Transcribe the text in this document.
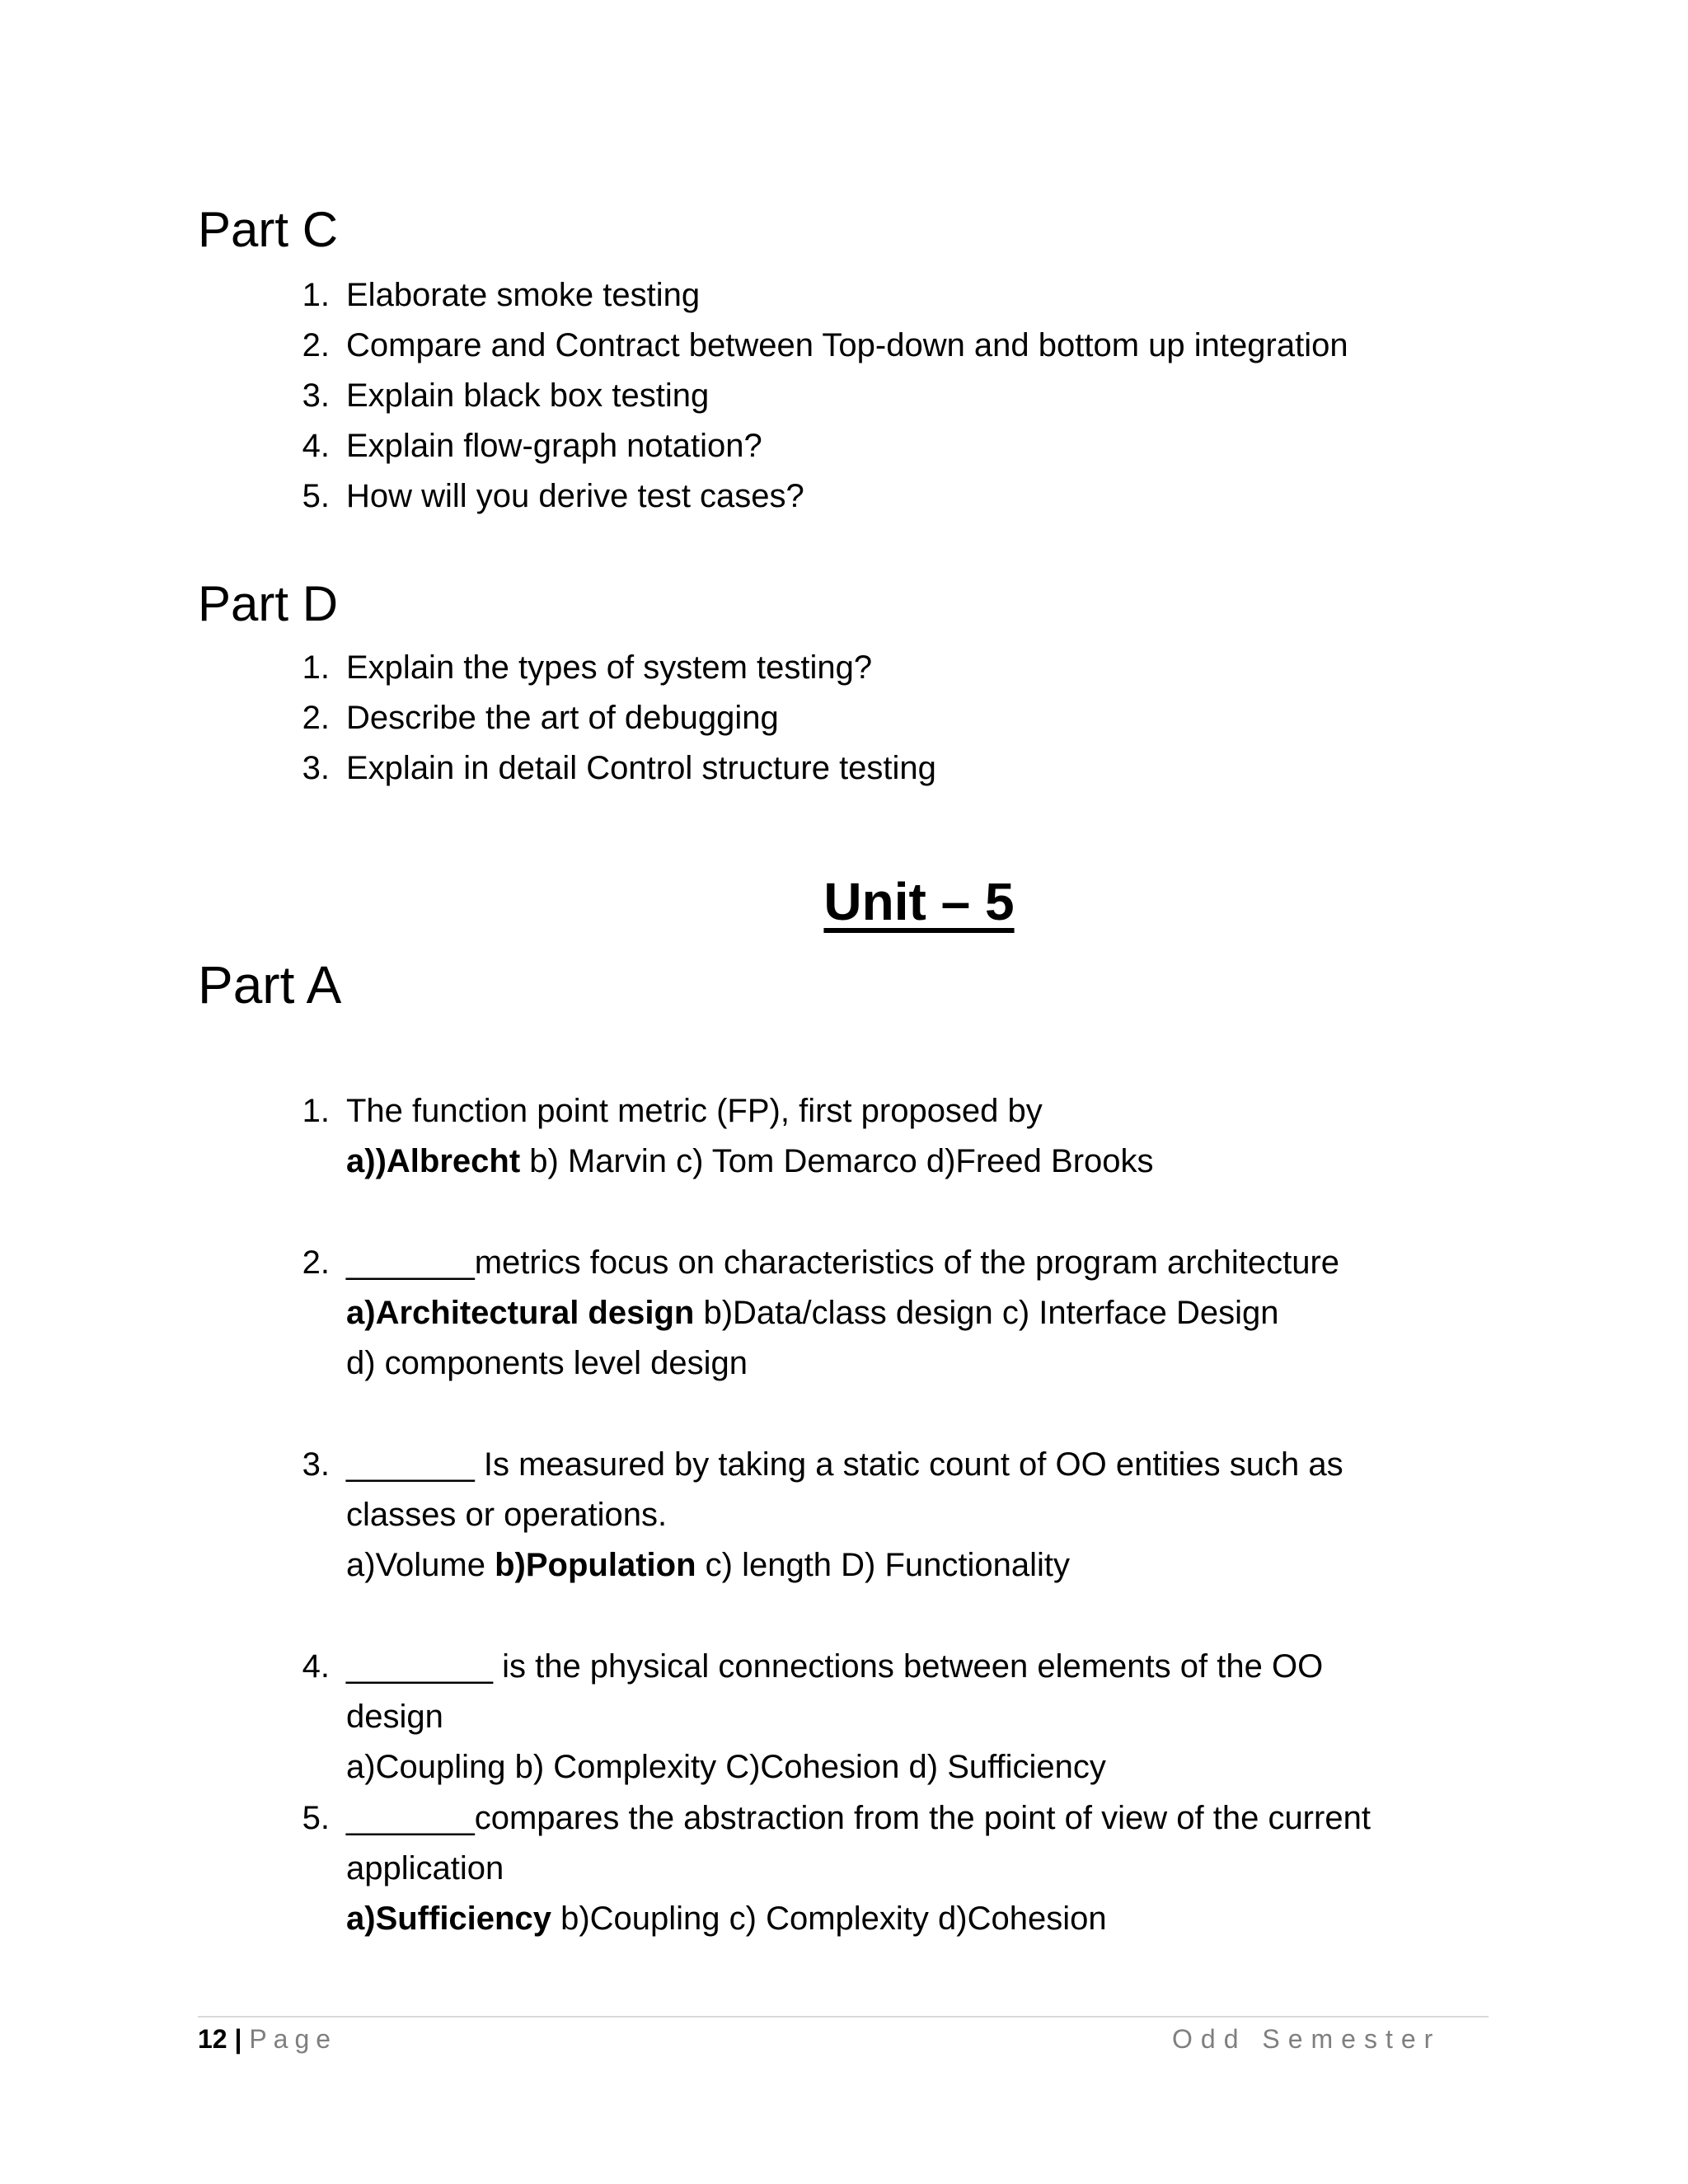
Part C
1. Elaborate smoke testing
2. Compare and Contract between Top-down and bottom up integration
3. Explain black box testing
4. Explain flow-graph notation?
5. How will you derive test cases?
Part D
1. Explain the types of system testing?
2. Describe the art of debugging
3. Explain in detail Control structure testing
Unit – 5
Part A
1. The function point metric (FP), first proposed by
a))Albrecht b) Marvin c) Tom Demarco d)Freed Brooks
2. _______metrics focus on characteristics of the program architecture
a)Architectural design b)Data/class design c) Interface Design
d) components level design
3. _______ Is measured by taking a static count of OO entities such as
classes or operations.
a)Volume b)Population c) length D) Functionality
4. ________ is the physical connections between elements of the OO
design
a)Coupling b) Complexity C)Cohesion d) Sufficiency
5. _______compares the abstraction from the point of view of the current
application
a)Sufficiency b)Coupling c) Complexity d)Cohesion
12 | Page	Odd Semester
